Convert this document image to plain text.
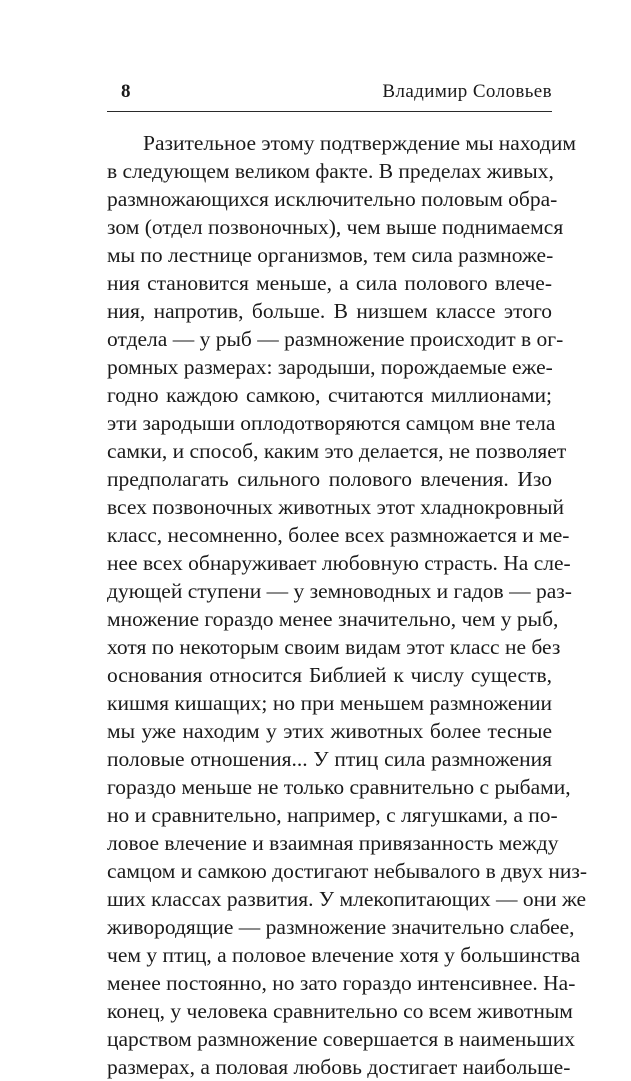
8	Владимир Соловьев
Разительное этому подтверждение мы находим
в следующем великом факте. В пределах живых,
размножающихся исключительно половым обра-
зом (отдел позвоночных), чем выше поднимаемся
мы по лестнице организмов, тем сила размноже-
ния становится меньше, а сила полового влече-
ния, напротив, больше. В низшем классе этого
отдела — у рыб — размножение происходит в ог-
ромных размерах: зародыши, порождаемые еже-
годно каждою самкою, считаются миллионами;
эти зародыши оплодотворяются самцом вне тела
самки, и способ, каким это делается, не позволяет
предполагать сильного полового влечения. Изо
всех позвоночных животных этот хладнокровный
класс, несомненно, более всех размножается и ме-
нее всех обнаруживает любовную страсть. На сле-
дующей ступени — у земноводных и гадов — раз-
множение гораздо менее значительно, чем у рыб,
хотя по некоторым своим видам этот класс не без
основания относится Библией к числу существ,
кишмя кишащих; но при меньшем размножении
мы уже находим у этих животных более тесные
половые отношения... У птиц сила размножения
гораздо меньше не только сравнительно с рыбами,
но и сравнительно, например, с лягушками, а по-
ловое влечение и взаимная привязанность между
самцом и самкою достигают небывалого в двух низ-
ших классах развития. У млекопитающих — они же
живородящие — размножение значительно слабее,
чем у птиц, а половое влечение хотя у большинства
менее постоянно, но зато гораздо интенсивнее. На-
конец, у человека сравнительно со всем животным
царством размножение совершается в наименьших
размерах, а половая любовь достигает наибольше-
